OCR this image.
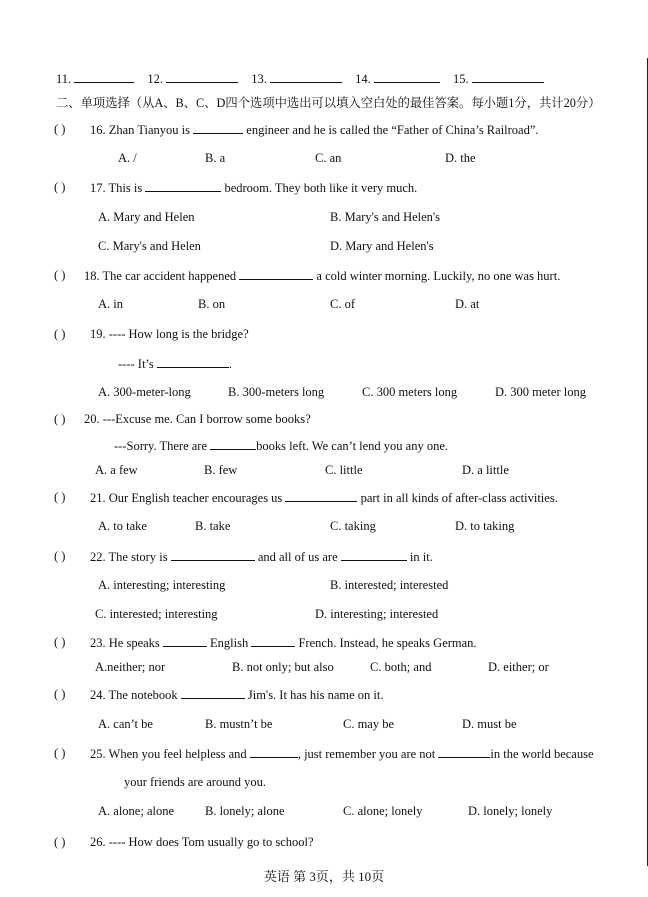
11.	12.	13.	14.	15.
二、单项选择（从A、B、C、D四个选项中选出可以填入空白处的最佳答案。每小题1分，共计20分）
( ) 16. Zhan Tianyou is	engineer and he is called the “Father of China’s Railroad”.
A. /	B. a	C. an	D. the
( ) 17. This is	bedroom. They both like it very much.
A. Mary and Helen	B. Mary's and Helen's
C. Mary's and Helen	D. Mary and Helen's
( ) 18. The car accident happened	a cold winter morning. Luckily, no one was hurt.
A. in	B. on	C. of	D. at
( ) 19. ---- How long is the bridge?
---- It’s	.
A. 300-meter-long	B. 300-meters long	C. 300 meters long	D. 300 meter long
( ) 20. ---Excuse me. Can I borrow some books?
---Sorry. There are	books left. We can’t lend you any one.
A. a few	B. few	C. little	D. a little
( ) 21. Our English teacher encourages us	part in all kinds of after-class activities.
A. to take	B. take	C. taking	D. to taking
( ) 22. The story is	and all of us are	in it.
A. interesting; interesting	B. interested; interested
C. interested; interesting	D. interesting; interested
( ) 23. He speaks	English	French. Instead, he speaks German.
A.neither; nor	B. not only; but also	C. both; and	D. either; or
( ) 24. The notebook	Jim's. It has his name on it.
A. can’t be	B. mustn’t be	C. may be	D. must be
( ) 25. When you feel helpless and	, just remember you are not	in the world because
your friends are around you.
A. alone; alone B. lonely; alone	C. alone; lonely	D. lonely; lonely
( ) 26. ---- How does Tom usually go to school?
英语 第 3页，共 10页
